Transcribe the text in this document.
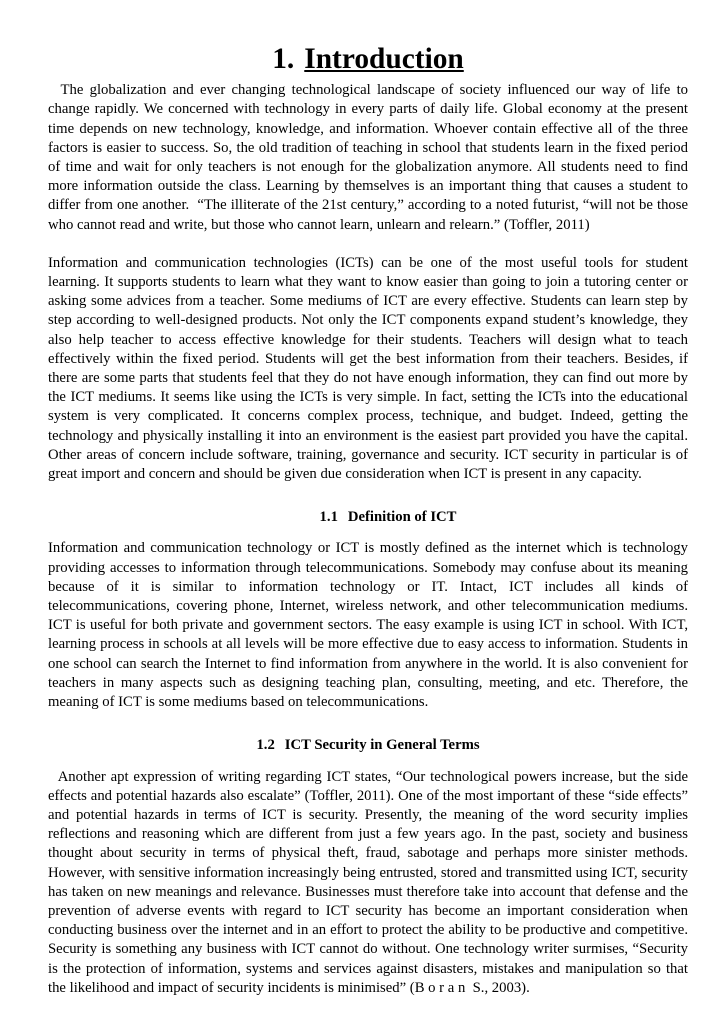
1. Introduction

The globalization and ever changing technological landscape of society influenced our way of life to change rapidly. We concerned with technology in every parts of daily life. Global economy at the present time depends on new technology, knowledge, and information. Whoever contain effective all of the three factors is easier to success. So, the old tradition of teaching in school that students learn in the fixed period of time and wait for only teachers is not enough for the globalization anymore. All students need to find more information outside the class. Learning by themselves is an important thing that causes a student to differ from one another.  “The illiterate of the 21st century,” according to a noted futurist, “will not be those who cannot read and write, but those who cannot learn, unlearn and relearn.” (Toffler, 2011)

Information and communication technologies (ICTs) can be one of the most useful tools for student learning. It supports students to learn what they want to know easier than going to join a tutoring center or asking some advices from a teacher. Some mediums of ICT are every effective. Students can learn step by step according to well-designed products. Not only the ICT components expand student’s knowledge, they also help teacher to access effective knowledge for their students. Teachers will design what to teach effectively within the fixed period. Students will get the best information from their teachers. Besides, if there are some parts that students feel that they do not have enough information, they can find out more by the ICT mediums. It seems like using the ICTs is very simple. In fact, setting the ICTs into the educational system is very complicated. It concerns complex process, technique, and budget. Indeed, getting the technology and physically installing it into an environment is the easiest part provided you have the capital. Other areas of concern include software, training, governance and security. ICT security in particular is of great import and concern and should be given due consideration when ICT is present in any capacity.

1.1 Definition of ICT

Information and communication technology or ICT is mostly defined as the internet which is technology providing accesses to information through telecommunications. Somebody may confuse about its meaning because of it is similar to information technology or IT. Intact, ICT includes all kinds of telecommunications, covering phone, Internet, wireless network, and other telecommunication mediums. ICT is useful for both private and government sectors. The easy example is using ICT in school. With ICT, learning process in schools at all levels will be more effective due to easy access to information. Students in one school can search the Internet to find information from anywhere in the world. It is also convenient for teachers in many aspects such as designing teaching plan, consulting, meeting, and etc. Therefore, the meaning of ICT is some mediums based on telecommunications.

1.2 ICT Security in General Terms

Another apt expression of writing regarding ICT states, “Our technological powers increase, but the side effects and potential hazards also escalate” (Toffler, 2011). One of the most important of these “side effects” and potential hazards in terms of ICT is security. Presently, the meaning of the word security implies reflections and reasoning which are different from just a few years ago. In the past, society and business thought about security in terms of physical theft, fraud, sabotage and perhaps more sinister methods. However, with sensitive information increasingly being entrusted, stored and transmitted using ICT, security has taken on new meanings and relevance. Businesses must therefore take into account that defense and the prevention of adverse events with regard to ICT security has become an important consideration when conducting business over the internet and in an effort to protect the ability to be productive and competitive. Security is something any business with ICT cannot do without. One technology writer surmises, “Security is the protection of information, systems and services against disasters, mistakes and manipulation so that the likelihood and impact of security incidents is minimised” (B o r a n  S., 2003).
